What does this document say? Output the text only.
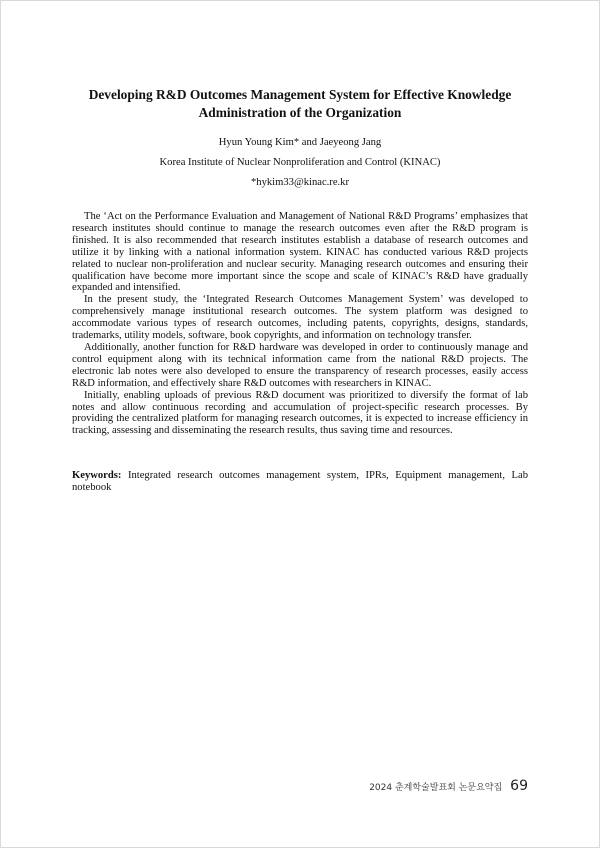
Developing R&D Outcomes Management System for Effective Knowledge
Administration of the Organization
Hyun Young Kim* and Jaeyeong Jang
Korea Institute of Nuclear Nonproliferation and Control (KINAC)
*hykim33@kinac.re.kr

The ‘Act on the Performance Evaluation and Management of National R&D Programs’ emphasizes that research institutes should continue to manage the research outcomes even after the R&D program is finished. It is also recommended that research institutes establish a database of research outcomes and utilize it by linking with a national information system. KINAC has conducted various R&D projects related to nuclear non-proliferation and nuclear security. Managing research outcomes and ensuring their qualification have become more important since the scope and scale of KINAC’s R&D have gradually expanded and intensified.

In the present study, the ‘Integrated Research Outcomes Management System’ was developed to comprehensively manage institutional research outcomes. The system platform was designed to accommodate various types of research outcomes, including patents, copyrights, designs, standards, trademarks, utility models, software, book copyrights, and information on technology transfer.

Additionally, another function for R&D hardware was developed in order to continuously manage and control equipment along with its technical information came from the national R&D projects. The electronic lab notes were also developed to ensure the transparency of research processes, easily access R&D information, and effectively share R&D outcomes with researchers in KINAC.

Initially, enabling uploads of previous R&D document was prioritized to diversify the format of lab notes and allow continuous recording and accumulation of project-specific research processes. By providing the centralized platform for managing research outcomes, it is expected to increase efficiency in tracking, assessing and disseminating the research results, thus saving time and resources.

Keywords: Integrated research outcomes management system, IPRs, Equipment management, Lab notebook
2024 춘계학술발표회 논문요약집 69
